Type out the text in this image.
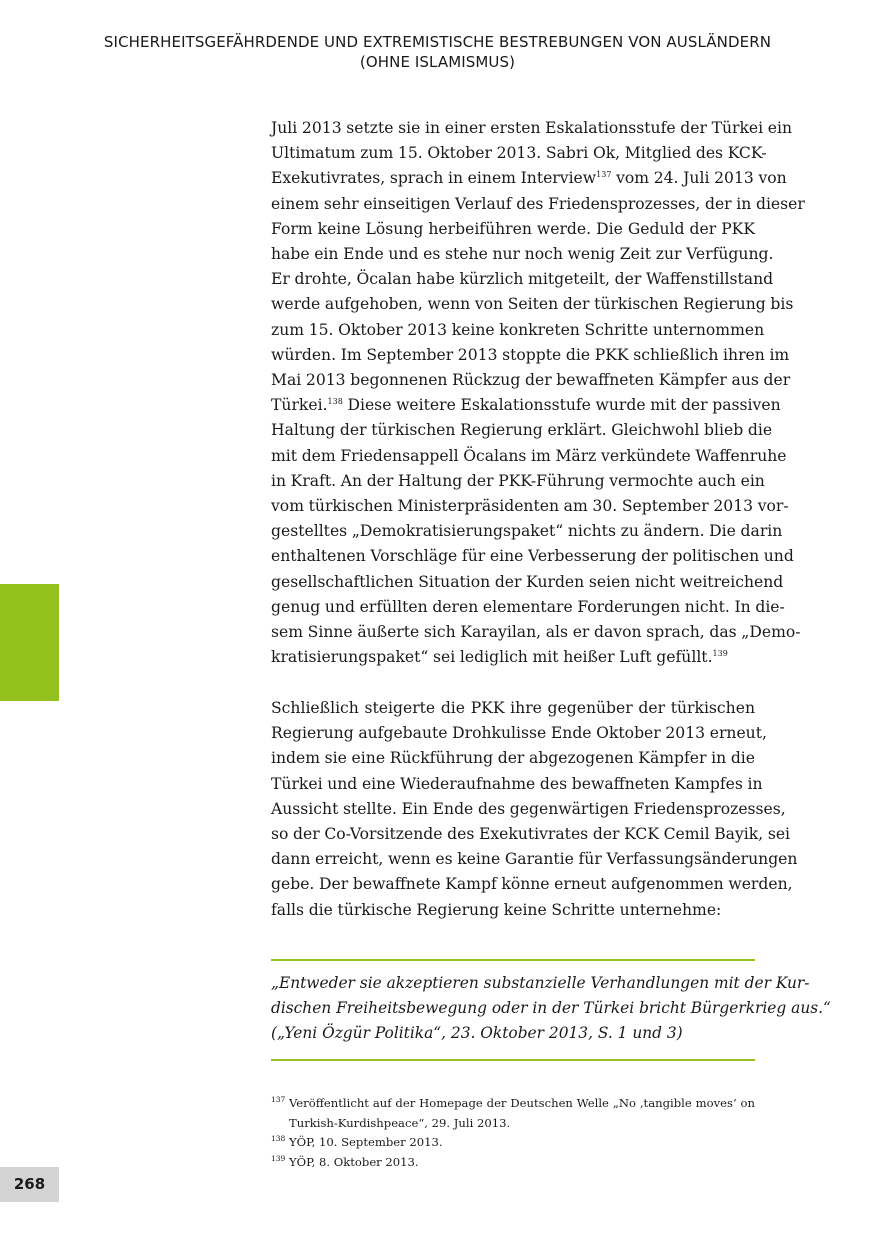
SICHERHEITSGEFÄHRDENDE UND EXTREMISTISCHE BESTREBUNGEN VON AUSLÄNDERN
(OHNE ISLAMISMUS)
268

Juli 2013 setzte sie in einer ersten Eskalationsstufe der Türkei ein
Ultimatum zum 15. Oktober 2013. Sabri Ok, Mitglied des KCK-
Exekutivrates, sprach in einem Interview$^{137}$ vom 24. Juli 2013 von
einem sehr einseitigen Verlauf des Friedensprozesses, der in dieser
Form keine Lösung herbeiführen werde. Die Geduld der PKK
habe ein Ende und es stehe nur noch wenig Zeit zur Verfügung.
Er drohte, Öcalan habe kürzlich mitgeteilt, der Waffenstillstand
werde aufgehoben, wenn von Seiten der türkischen Regierung bis
zum 15. Oktober 2013 keine konkreten Schritte unternommen
würden. Im September 2013 stoppte die PKK schließlich ihren im
Mai 2013 begonnenen Rückzug der bewaffneten Kämpfer aus der
Türkei.$^{138}$ Diese weitere Eskalationsstufe wurde mit der passiven
Haltung der türkischen Regierung erklärt. Gleichwohl blieb die
mit dem Friedensappell Öcalans im März verkündete Waffenruhe
in Kraft. An der Haltung der PKK-Führung vermochte auch ein
vom türkischen Ministerpräsidenten am 30. September 2013 vor-
gestelltes „Demokratisierungspaket“ nichts zu ändern. Die darin
enthaltenen Vorschläge für eine Verbesserung der politischen und
gesellschaftlichen Situation der Kurden seien nicht weitreichend
genug und erfüllten deren elementare Forderungen nicht. In die-
sem Sinne äußerte sich Karayilan, als er davon sprach, das „Demo-
kratisierungspaket“ sei lediglich mit heißer Luft gefüllt.$^{139}$

Schließlich steigerte die PKK ihre gegenüber der türkischen
Regierung aufgebaute Drohkulisse Ende Oktober 2013 erneut,
indem sie eine Rückführung der abgezogenen Kämpfer in die
Türkei und eine Wiederaufnahme des bewaffneten Kampfes in
Aussicht stellte. Ein Ende des gegenwärtigen Friedensprozesses,
so der Co-Vorsitzende des Exekutivrates der KCK Cemil Bayik, sei
dann erreicht, wenn es keine Garantie für Verfassungsänderungen
gebe. Der bewaffnete Kampf könne erneut aufgenommen werden,
falls die türkische Regierung keine Schritte unternehme:

„Entweder sie akzeptieren substanzielle Verhandlungen mit der Kur-
dischen Freiheitsbewegung oder in der Türkei bricht Bürgerkrieg aus.“
(„Yeni Özgür Politika“, 23. Oktober 2013, S. 1 und 3)
137 Veröffentlicht auf der Homepage der Deutschen Welle „No ‚tangible moves‘ on
Turkish-Kurdishpeace“, 29. Juli 2013.
138 YÖP, 10. September 2013.
139 YÖP, 8. Oktober 2013.
